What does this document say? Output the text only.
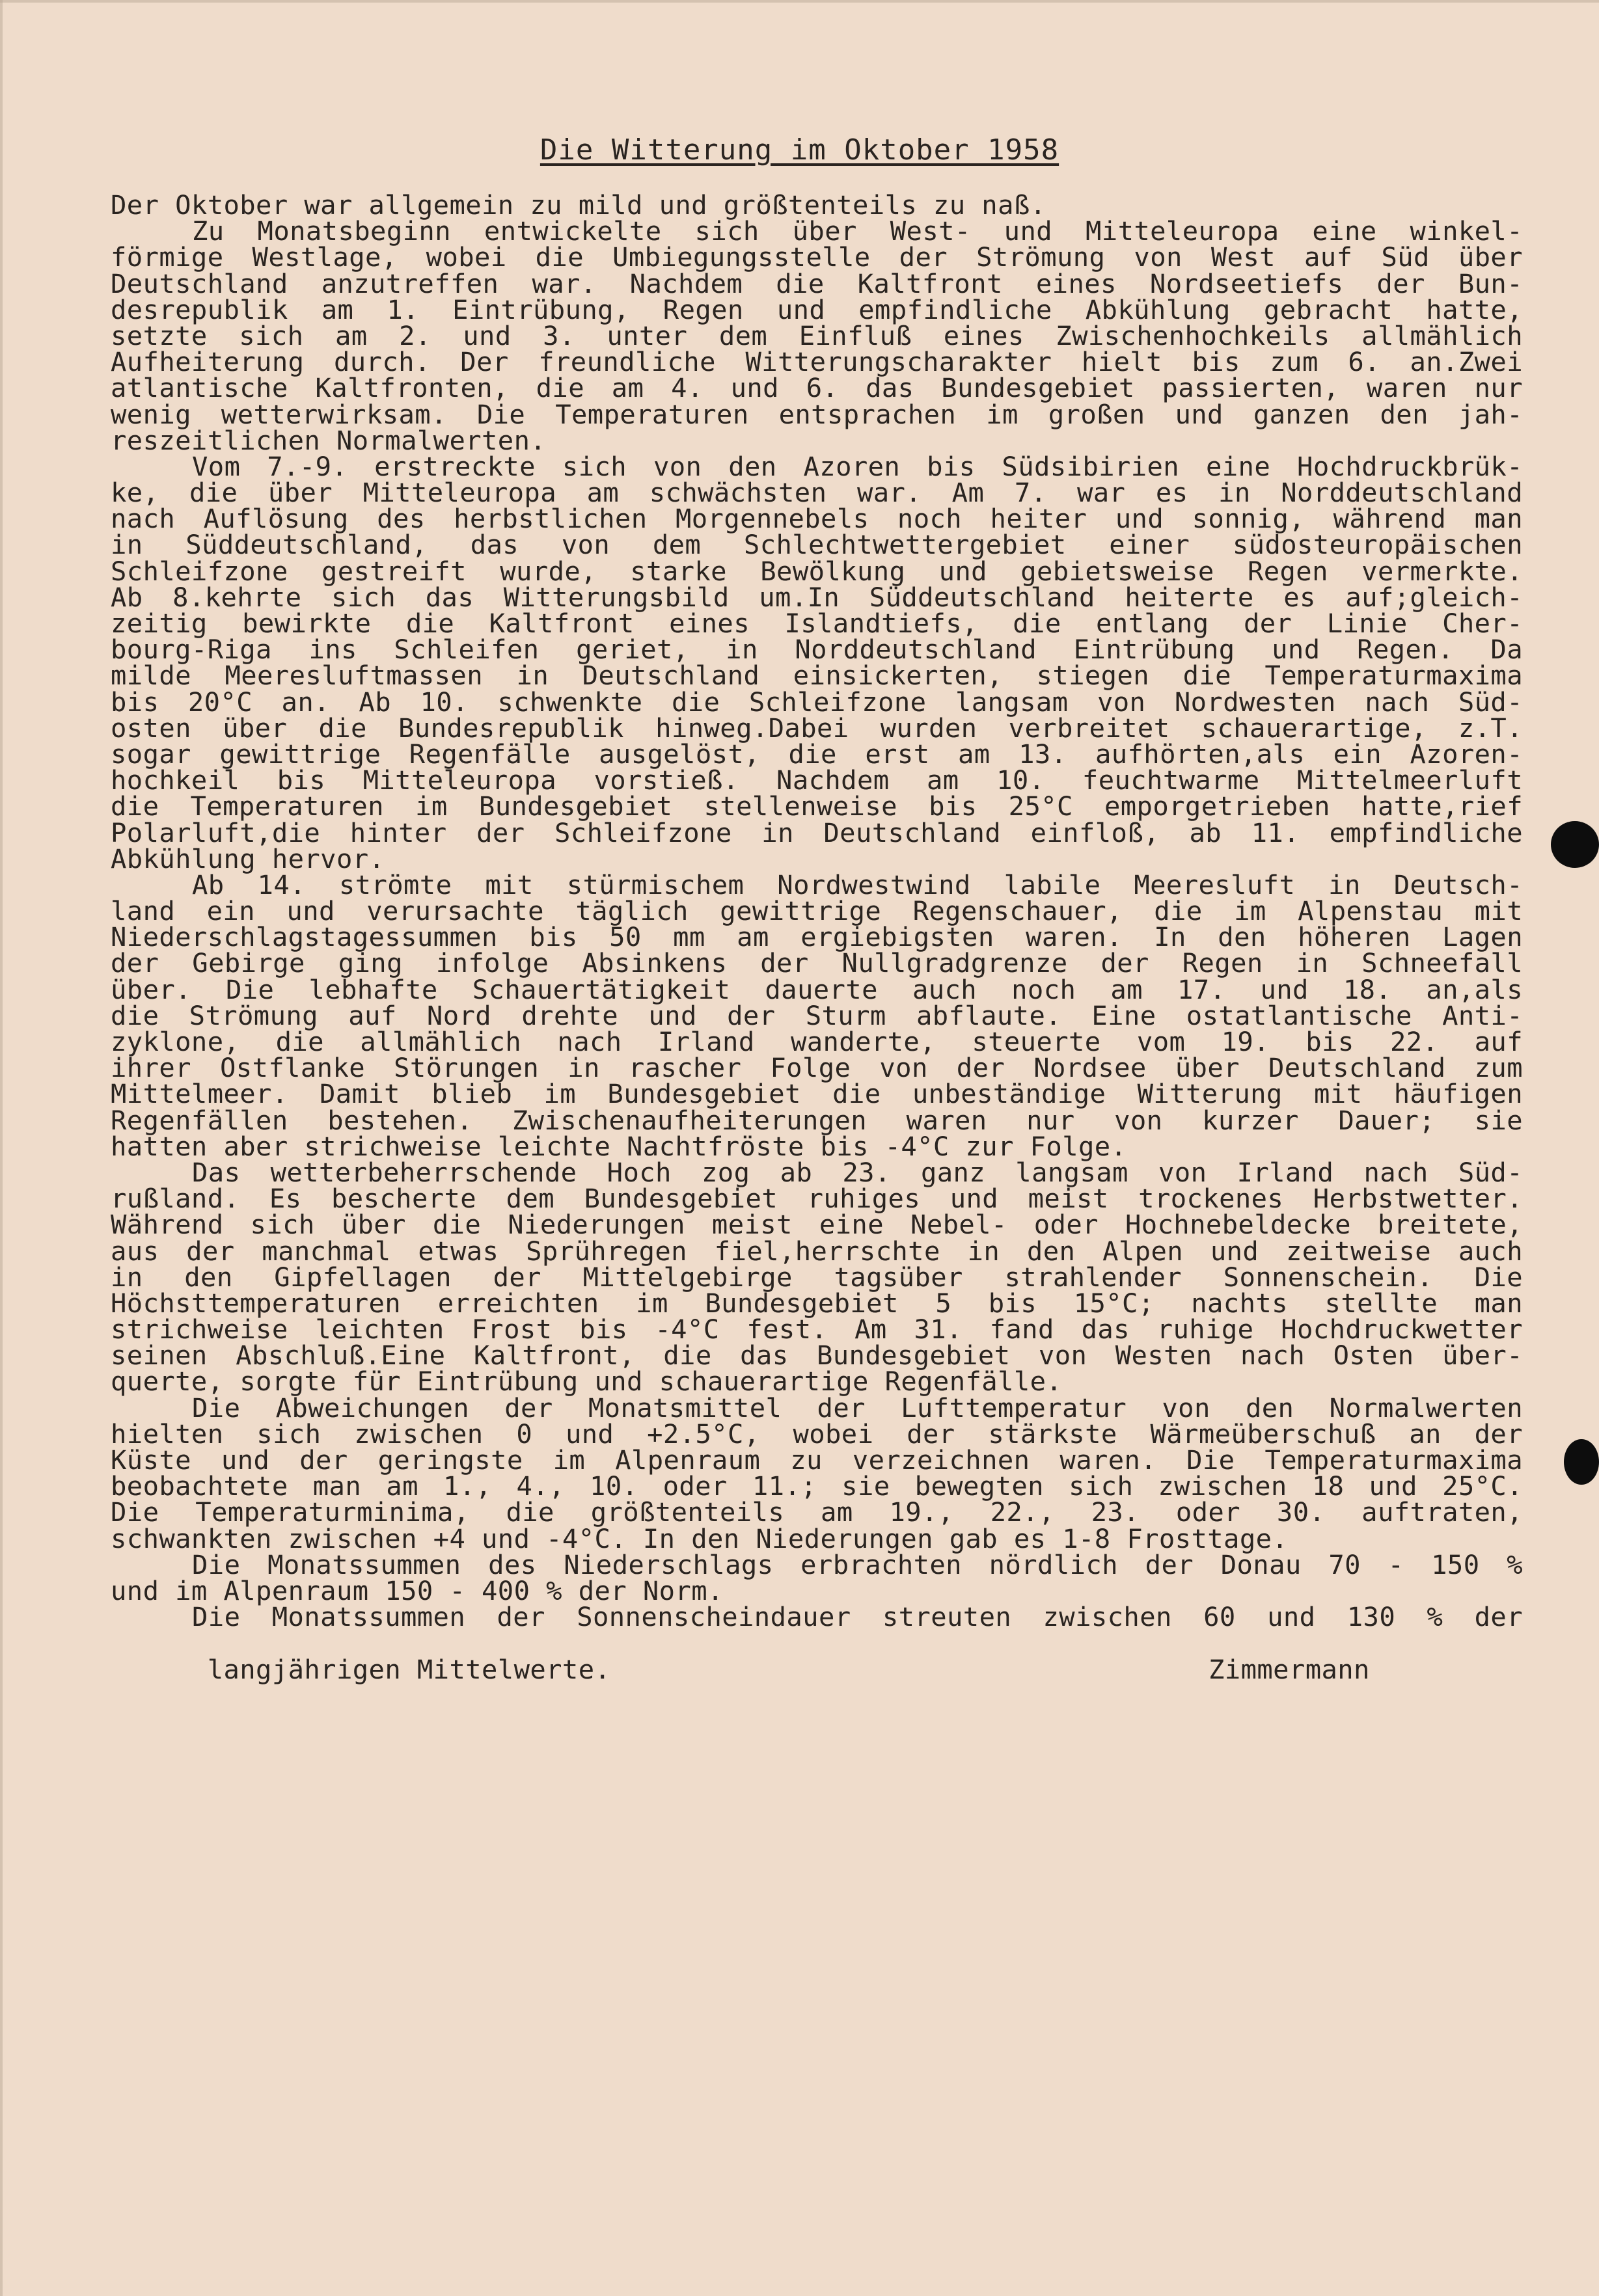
Die Witterung im Oktober 1958
Der Oktober war allgemein zu mild und größtenteils zu naß.
Zu Monatsbeginn entwickelte sich über West- und Mitteleuropa eine winkel-
förmige Westlage, wobei die Umbiegungsstelle der Strömung von West auf Süd über
Deutschland anzutreffen war. Nachdem die Kaltfront eines Nordseetiefs der Bun-
desrepublik am 1. Eintrübung, Regen und empfindliche Abkühlung gebracht hatte,
setzte sich am 2. und 3. unter dem Einfluß eines Zwischenhochkeils allmählich
Aufheiterung durch. Der freundliche Witterungscharakter hielt bis zum 6. an.Zwei
atlantische Kaltfronten, die am 4. und 6. das Bundesgebiet passierten, waren nur
wenig wetterwirksam. Die Temperaturen entsprachen im großen und ganzen den jah-
reszeitlichen Normalwerten.
Vom 7.-9. erstreckte sich von den Azoren bis Südsibirien eine Hochdruckbrük-
ke, die über Mitteleuropa am schwächsten war. Am 7. war es in Norddeutschland
nach Auflösung des herbstlichen Morgennebels noch heiter und sonnig, während man
in Süddeutschland, das von dem Schlechtwettergebiet einer südosteuropäischen
Schleifzone gestreift wurde, starke Bewölkung und gebietsweise Regen vermerkte.
Ab 8.kehrte sich das Witterungsbild um.In Süddeutschland heiterte es auf;gleich-
zeitig bewirkte die Kaltfront eines Islandtiefs, die entlang der Linie Cher-
bourg-Riga ins Schleifen geriet, in Norddeutschland Eintrübung und Regen. Da
milde Meeresluftmassen in Deutschland einsickerten, stiegen die Temperaturmaxima
bis 20°C an. Ab 10. schwenkte die Schleifzone langsam von Nordwesten nach Süd-
osten über die Bundesrepublik hinweg.Dabei wurden verbreitet schauerartige, z.T.
sogar gewittrige Regenfälle ausgelöst, die erst am 13. aufhörten,als ein Azoren-
hochkeil bis Mitteleuropa vorstieß. Nachdem am 10. feuchtwarme Mittelmeerluft
die Temperaturen im Bundesgebiet stellenweise bis 25°C emporgetrieben hatte,rief
Polarluft,die hinter der Schleifzone in Deutschland einfloß, ab 11. empfindliche
Abkühlung hervor.
Ab 14. strömte mit stürmischem Nordwestwind labile Meeresluft in Deutsch-
land ein und verursachte täglich gewittrige Regenschauer, die im Alpenstau mit
Niederschlagstagessummen bis 50 mm am ergiebigsten waren. In den höheren Lagen
der Gebirge ging infolge Absinkens der Nullgradgrenze der Regen in Schneefall
über. Die lebhafte Schauertätigkeit dauerte auch noch am 17. und 18. an,als
die Strömung auf Nord drehte und der Sturm abflaute. Eine ostatlantische Anti-
zyklone, die allmählich nach Irland wanderte, steuerte vom 19. bis 22. auf
ihrer Ostflanke Störungen in rascher Folge von der Nordsee über Deutschland zum
Mittelmeer. Damit blieb im Bundesgebiet die unbeständige Witterung mit häufigen
Regenfällen bestehen. Zwischenaufheiterungen waren nur von kurzer Dauer; sie
hatten aber strichweise leichte Nachtfröste bis -4°C zur Folge.
Das wetterbeherrschende Hoch zog ab 23. ganz langsam von Irland nach Süd-
rußland. Es bescherte dem Bundesgebiet ruhiges und meist trockenes Herbstwetter.
Während sich über die Niederungen meist eine Nebel- oder Hochnebeldecke breitete,
aus der manchmal etwas Sprühregen fiel,herrschte in den Alpen und zeitweise auch
in den Gipfellagen der Mittelgebirge tagsüber strahlender Sonnenschein. Die
Höchsttemperaturen erreichten im Bundesgebiet 5 bis 15°C; nachts stellte man
strichweise leichten Frost bis -4°C fest. Am 31. fand das ruhige Hochdruckwetter
seinen Abschluß.Eine Kaltfront, die das Bundesgebiet von Westen nach Osten über-
querte, sorgte für Eintrübung und schauerartige Regenfälle.
Die Abweichungen der Monatsmittel der Lufttemperatur von den Normalwerten
hielten sich zwischen 0 und +2.5°C, wobei der stärkste Wärmeüberschuß an der
Küste und der geringste im Alpenraum zu verzeichnen waren. Die Temperaturmaxima
beobachtete man am 1., 4., 10. oder 11.; sie bewegten sich zwischen 18 und 25°C.
Die Temperaturminima, die größtenteils am 19., 22., 23. oder 30. auftraten,
schwankten zwischen +4 und -4°C. In den Niederungen gab es 1-8 Frosttage.
Die Monatssummen des Niederschlags erbrachten nördlich der Donau 70 - 150 %
und im Alpenraum 150 - 400 % der Norm.
Die Monatssummen der Sonnenscheindauer streuten zwischen 60 und 130 % der

langjährigen Mittelwerte.	Zimmermann
